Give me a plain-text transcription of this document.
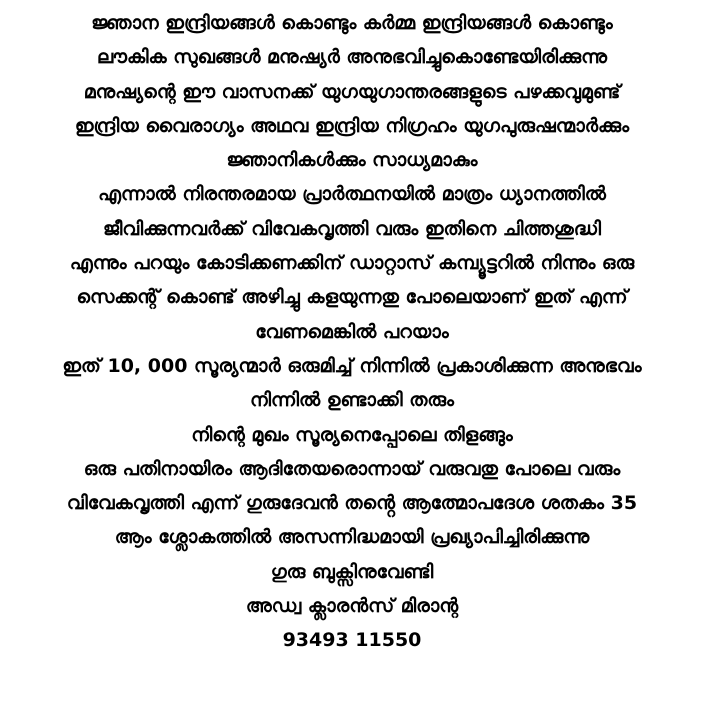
ജ്ഞാന ഇന്ദ്രിയങ്ങൾ കൊണ്ടും കർമ്മ ഇന്ദ്രിയങ്ങൾ കൊണ്ടും
ലൗകിക സുഖങ്ങൾ മനുഷ്യർ അനുഭവിച്ചുകൊണ്ടേയിരിക്കുന്നു
മനുഷ്യന്റെ ഈ വാസനക്ക് യുഗയുഗാന്തരങ്ങളുടെ പഴക്കവുമുണ്ട്
ഇന്ദ്രിയ വൈരാഗ്യം അഥവ ഇന്ദ്രിയ നിഗ്രഹം യുഗപുരുഷന്മാർക്കും
ജ്ഞാനികൾക്കും സാധ്യമാകും
എന്നാൽ നിരന്തരമായ പ്രാർത്ഥനയിൽ മാത്രം ധ്യാനത്തിൽ
ജീവിക്കുന്നവർക്ക് വിവേകവൃത്തി വരും ഇതിനെ ചിത്തശുദ്ധി
എന്നും പറയും കോടിക്കണക്കിന് ഡാറ്റാസ് കമ്പ്യൂട്ടറിൽ നിന്നും ഒരു
സെക്കന്റ് കൊണ്ട് അഴിച്ചു കളയുന്നതു പോലെയാണ് ഇത് എന്ന്
വേണമെങ്കിൽ പറയാം
ഇത് 10, 000 സൂര്യന്മാർ ഒരുമിച്ച് നിന്നിൽ പ്രകാശിക്കുന്ന അനുഭവം
നിന്നിൽ ഉണ്ടാക്കി തരും
നിന്റെ മുഖം സൂര്യനെപ്പോലെ തിളങ്ങും
ഒരു പതിനായിരം ആദിതേയരൊന്നായ് വരുവതു പോലെ വരും
വിവേകവൃത്തി എന്ന് ഗുരുദേവൻ തൻ്റെ ആത്മോപദേശ ശതകം 35
ആം ശ്ലോകത്തിൽ അസന്നിദ്ധമായി പ്രഖ്യാപിച്ചിരിക്കുന്നു
ഗുരു ബുക്സിനുവേണ്ടി
അഡ്വ ക്ലാരൻസ് മിരാന്റ
93493 11550
